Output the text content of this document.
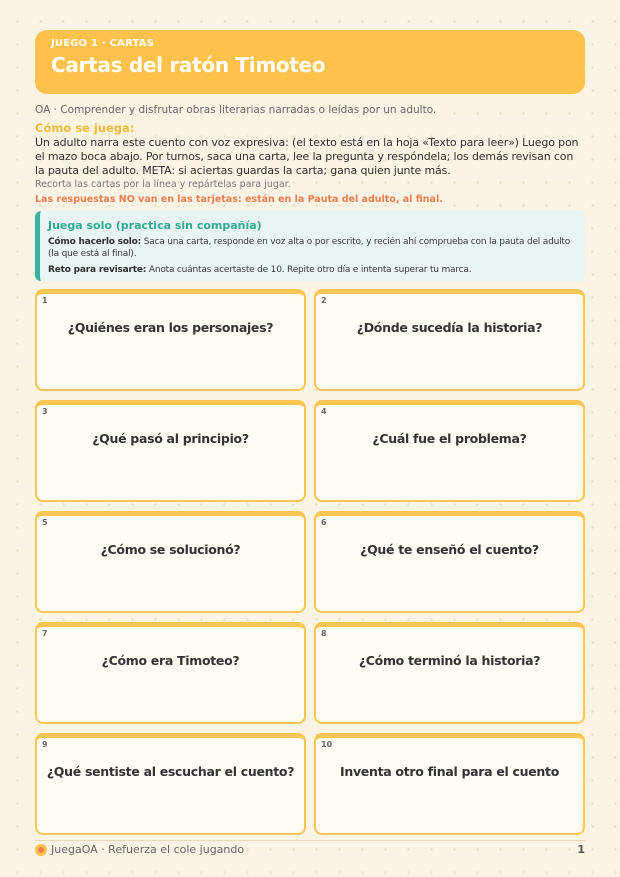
JUEGO 1 · CARTAS
Cartas del ratón Timoteo
OA · Comprender y disfrutar obras literarias narradas o leídas por un adulto.
Cómo se juega:
Un adulto narra este cuento con voz expresiva: (el texto está en la hoja «Texto para leer») Luego pon el mazo boca abajo. Por turnos, saca una carta, lee la pregunta y respóndela; los demás revisan con la pauta del adulto. META: si aciertas guardas la carta; gana quien junte más.
Recorta las cartas por la línea y repártelas para jugar.
Las respuestas NO van en las tarjetas: están en la Pauta del adulto, al final.
Juega solo (practica sin compañía)
Cómo hacerlo solo: Saca una carta, responde en voz alta o por escrito, y recién ahí comprueba con la pauta del adulto (la que está al final).
Reto para revisarte: Anota cuántas acertaste de 10. Repite otro día e intenta superar tu marca.
1
¿Quiénes eran los personajes?
2
¿Dónde sucedía la historia?
3
¿Qué pasó al principio?
4
¿Cuál fue el problema?
5
¿Cómo se solucionó?
6
¿Qué te enseñó el cuento?
7
¿Cómo era Timoteo?
8
¿Cómo terminó la historia?
9
¿Qué sentiste al escuchar el cuento?
10
Inventa otro final para el cuento
JuegaOA · Refuerza el cole jugando	1
